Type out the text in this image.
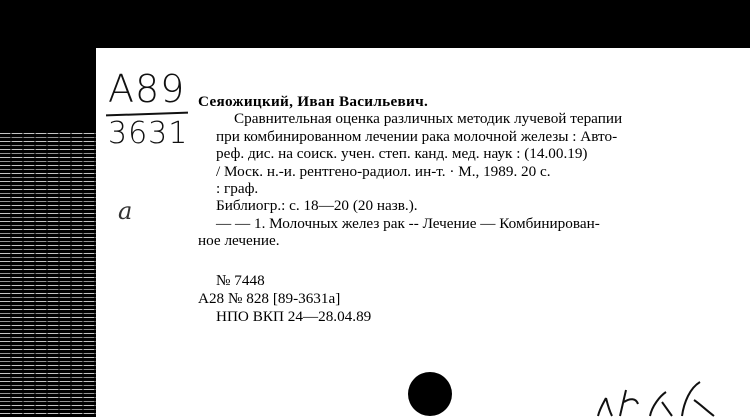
A89
3631
a

Сеяожицкий, Иван Васильевич.

Сравнительная оценка различных методик лучевой терапии
при комбинированном лечении рака молочной железы : Авто-
реф. дис. на соиск. учен. степ. канд. мед. наук : (14.00.19)
/ Моск. н.-и. рентгено-радиол. ин-т. · М., 1989. 20 с.
: граф.
Библиогр.: с. 18—20 (20 назв.).
— — 1. Молочных желез рак -- Лечение — Комбинирован-
ное лечение.
№ 7448
А28 № 828 [89-3631a]
НПО ВКП 24—28.04.89
